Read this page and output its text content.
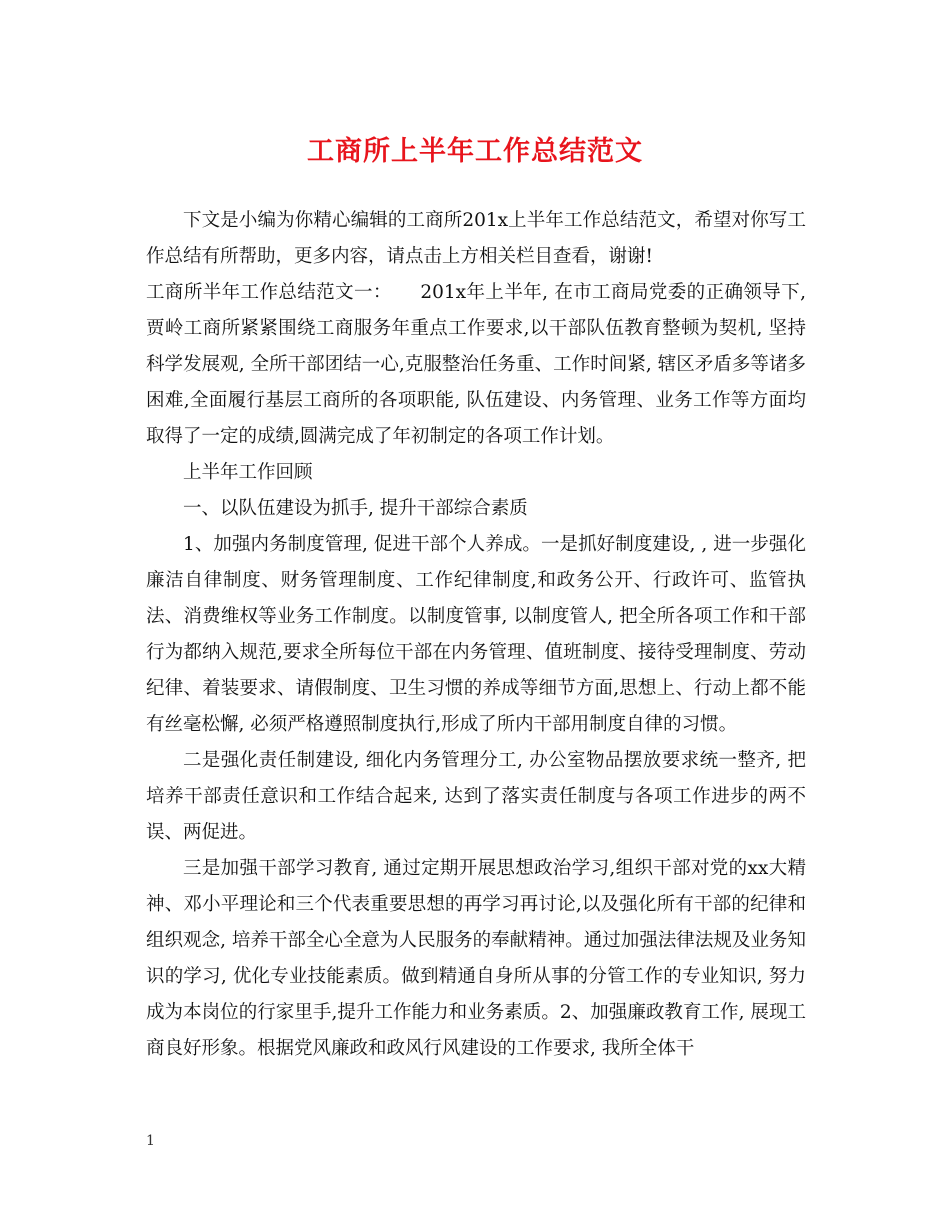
工商所上半年工作总结范文

下文是小编为你精心编辑的工商所201x上半年工作总结范文，希望对你写工作总结有所帮助，更多内容，请点击上方相关栏目查看，谢谢!

工商所半年工作总结范文一：　　201x年上半年, 在市工商局党委的正确领导下, 贾岭工商所紧紧围绕工商服务年重点工作要求,以干部队伍教育整顿为契机, 坚持科学发展观, 全所干部团结一心,克服整治任务重、工作时间紧, 辖区矛盾多等诸多困难,全面履行基层工商所的各项职能, 队伍建设、内务管理、业务工作等方面均取得了一定的成绩,圆满完成了年初制定的各项工作计划。

上半年工作回顾

一、以队伍建设为抓手, 提升干部综合素质

1、加强内务制度管理, 促进干部个人养成。一是抓好制度建设, , 进一步强化廉洁自律制度、财务管理制度、工作纪律制度,和政务公开、行政许可、监管执法、消费维权等业务工作制度。以制度管事, 以制度管人, 把全所各项工作和干部行为都纳入规范,要求全所每位干部在内务管理、值班制度、接待受理制度、劳动纪律、着装要求、请假制度、卫生习惯的养成等细节方面,思想上、行动上都不能有丝毫松懈, 必须严格遵照制度执行,形成了所内干部用制度自律的习惯。

二是强化责任制建设, 细化内务管理分工, 办公室物品摆放要求统一整齐, 把培养干部责任意识和工作结合起来, 达到了落实责任制度与各项工作进步的两不误、两促进。

三是加强干部学习教育, 通过定期开展思想政治学习,组织干部对党的xx大精神、邓小平理论和三个代表重要思想的再学习再讨论,以及强化所有干部的纪律和组织观念, 培养干部全心全意为人民服务的奉献精神。通过加强法律法规及业务知识的学习, 优化专业技能素质。做到精通自身所从事的分管工作的专业知识, 努力成为本岗位的行家里手,提升工作能力和业务素质。2、加强廉政教育工作, 展现工商良好形象。根据党风廉政和政风行风建设的工作要求, 我所全体干

1
